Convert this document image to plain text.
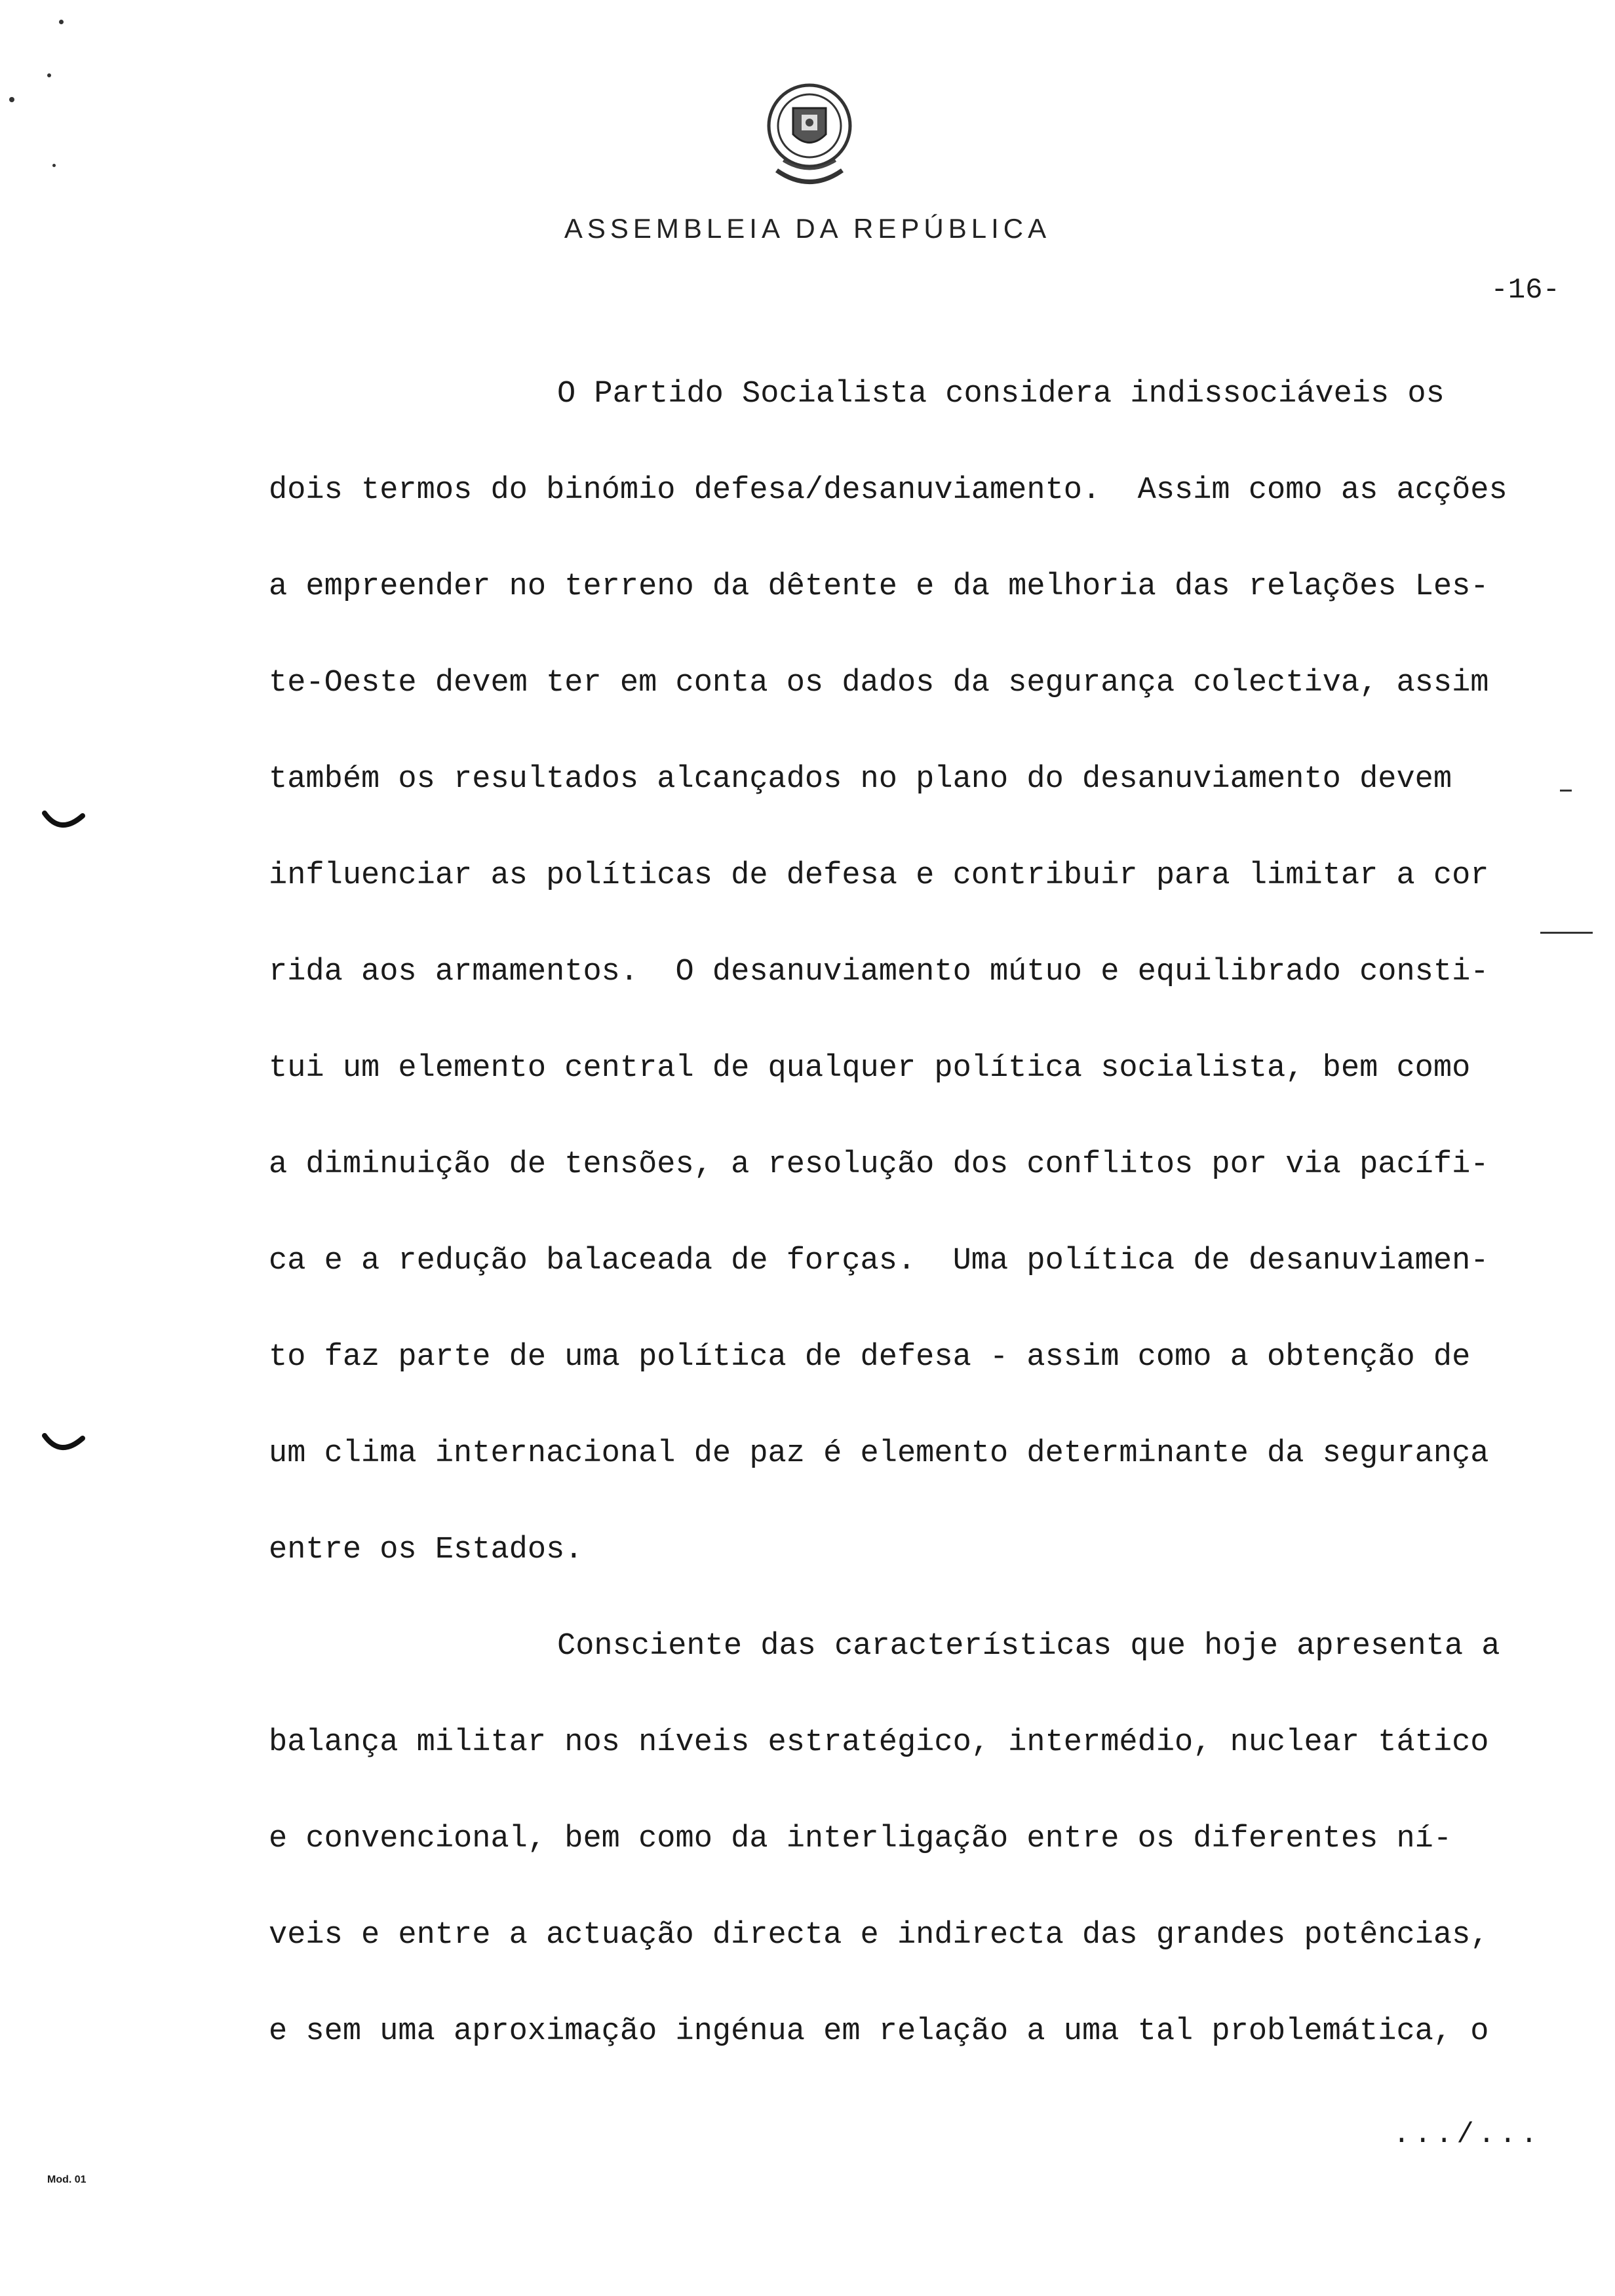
ASSEMBLEIA DA REPÚBLICA
-16-
O Partido Socialista considera indissociáveis os
dois termos do binómio defesa/desanuviamento.  Assim como as acções
a empreender no terreno da dêtente e da melhoria das relações Les-
te-Oeste devem ter em conta os dados da segurança colectiva, assim
também os resultados alcançados no plano do desanuviamento devem
influenciar as políticas de defesa e contribuir para limitar a cor
rida aos armamentos.  O desanuviamento mútuo e equilibrado consti-
tui um elemento central de qualquer política socialista, bem como
a diminuição de tensões, a resolução dos conflitos por via pacífi-
ca e a redução balaceada de forças.  Uma política de desanuviamen-
to faz parte de uma política de defesa - assim como a obtenção de
um clima internacional de paz é elemento determinante da segurança
entre os Estados.
Consciente das características que hoje apresenta a
balança militar nos níveis estratégico, intermédio, nuclear tático
e convencional, bem como da interligação entre os diferentes ní-
veis e entre a actuação directa e indirecta das grandes potências,
e sem uma aproximação ingénua em relação a uma tal problemática, o
.../...
Mod. 01
